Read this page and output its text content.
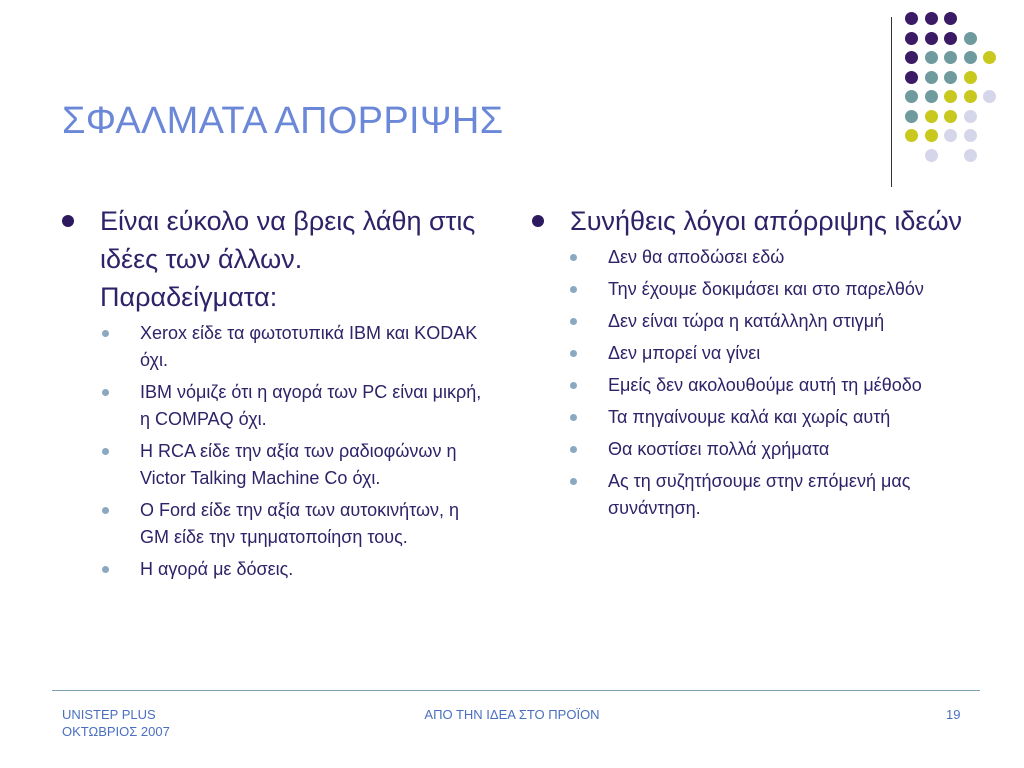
ΣΦΑΛΜΑΤΑ ΑΠΟΡΡΙΨΗΣ
Είναι εύκολο να βρεις λάθη στις ιδέες των άλλων. Παραδείγματα:
Xerox είδε τα φωτοτυπικά IBM και KODAK όχι.
IBM νόμιζε ότι η αγορά των PC είναι μικρή, η COMPAQ όχι.
Η RCA είδε την αξία των ραδιοφώνων η Victor Talking Machine Co όχι.
O Ford είδε την αξία των αυτοκινήτων, η GM είδε την τμηματοποίηση τους.
Η αγορά με δόσεις.
Συνήθεις λόγοι απόρριψης ιδεών
Δεν θα αποδώσει εδώ
Την έχουμε δοκιμάσει και στο παρελθόν
Δεν είναι τώρα η κατάλληλη στιγμή
Δεν μπορεί να γίνει
Εμείς δεν ακολουθούμε αυτή τη μέθοδο
Τα πηγαίνουμε καλά και χωρίς αυτή
Θα κοστίσει πολλά χρήματα
Ας τη συζητήσουμε στην επόμενή μας συνάντηση.
UNISTEP PLUS
ΟΚΤΩΒΡΙΟΣ 2007
ΑΠΟ ΤΗΝ ΙΔΕΑ ΣΤΟ ΠΡΟΪΟΝ	19
